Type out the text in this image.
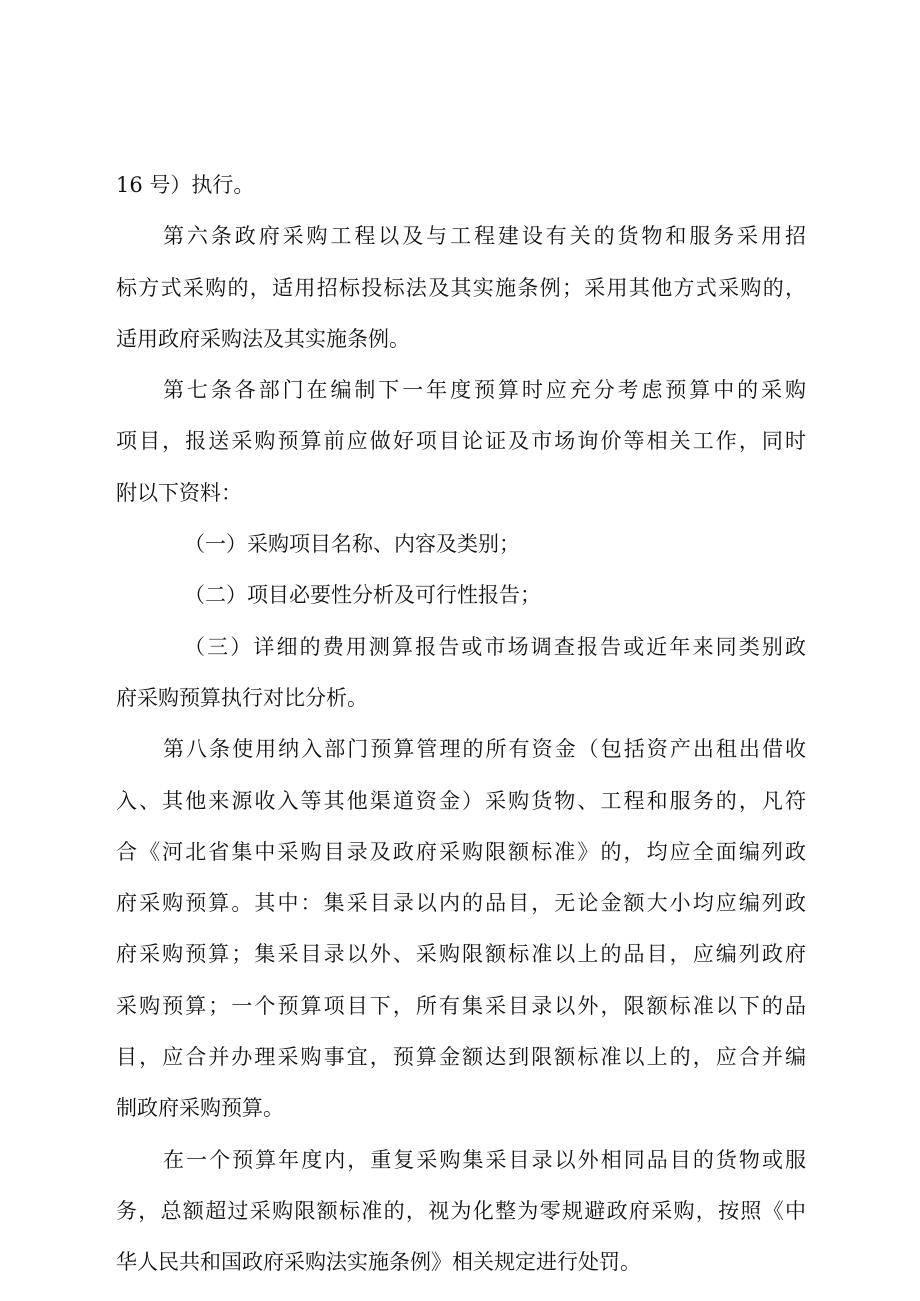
16 号）执行。
第六条政府采购工程以及与工程建设有关的货物和服务采用招
标方式采购的，适用招标投标法及其实施条例；采用其他方式采购的，
适用政府采购法及其实施条例。
第七条各部门在编制下一年度预算时应充分考虑预算中的采购
项目，报送采购预算前应做好项目论证及市场询价等相关工作，同时
附以下资料：
（一）采购项目名称、内容及类别；
（二）项目必要性分析及可行性报告；
（三）详细的费用测算报告或市场调查报告或近年来同类别政
府采购预算执行对比分析。
第八条使用纳入部门预算管理的所有资金（包括资产出租出借收
入、其他来源收入等其他渠道资金）采购货物、工程和服务的，凡符
合《河北省集中采购目录及政府采购限额标准》的，均应全面编列政
府采购预算。其中：集采目录以内的品目，无论金额大小均应编列政
府采购预算；集采目录以外、采购限额标准以上的品目，应编列政府
采购预算；一个预算项目下，所有集采目录以外，限额标准以下的品
目，应合并办理采购事宜，预算金额达到限额标准以上的，应合并编
制政府采购预算。
在一个预算年度内，重复采购集采目录以外相同品目的货物或服
务，总额超过采购限额标准的，视为化整为零规避政府采购，按照《中
华人民共和国政府采购法实施条例》相关规定进行处罚。
